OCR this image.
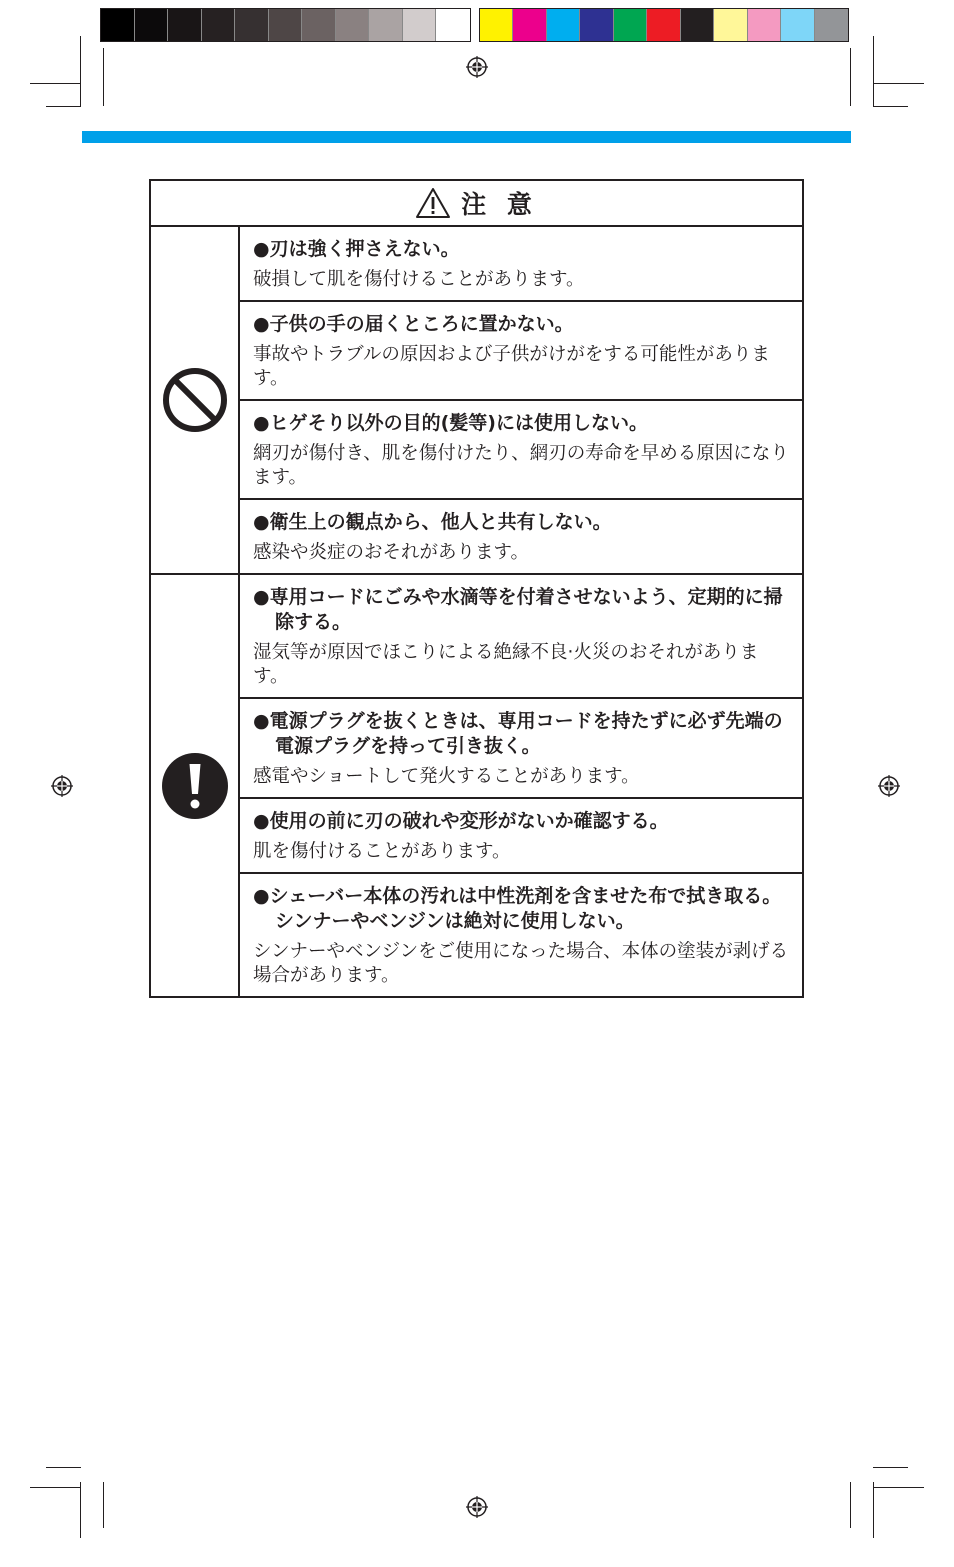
注 意
●刃は強く押さえない。
破損して肌を傷付けることがあります。
●子供の手の届くところに置かない。
事故やトラブルの原因および子供がけがをする可能性があります。
●ヒゲそり以外の目的(髪等)には使用しない。
網刃が傷付き、肌を傷付けたり、網刃の寿命を早める原因になります。
●衛生上の観点から、他人と共有しない。
感染や炎症のおそれがあります。
●専用コードにごみや水滴等を付着させないよう、定期的に掃除する。
湿気等が原因でほこりによる絶縁不良·火災のおそれがあります。
●電源プラグを抜くときは、専用コードを持たずに必ず先端の電源プラグを持って引き抜く。
感電やショートして発火することがあります。
●使用の前に刃の破れや変形がないか確認する。
肌を傷付けることがあります。
●シェーバー本体の汚れは中性洗剤を含ませた布で拭き取る。シンナーやベンジンは絶対に使用しない。
シンナーやベンジンをご使用になった場合、本体の塗装が剥げる場合があります。
